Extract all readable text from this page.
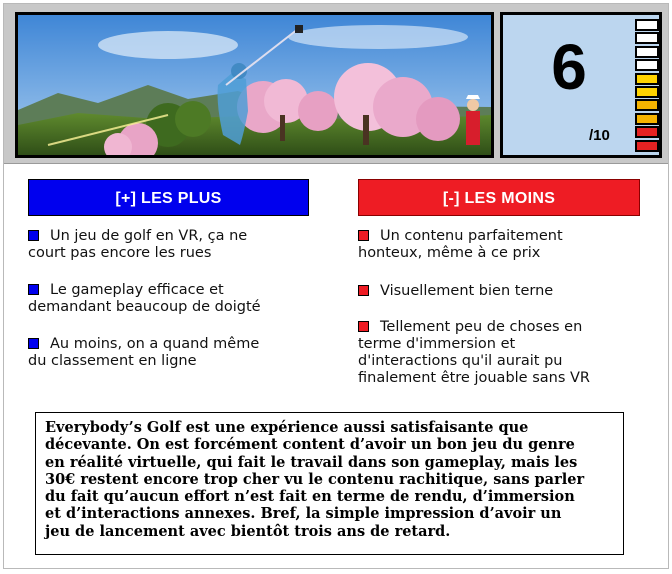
6
/10
[+] LES PLUS	[-] LES MOINS
Un jeu de golf en VR, ça ne
court pas encore les rues
Le gameplay efficace et
demandant beaucoup de doigté
Au moins, on a quand même
du classement en ligne
Un contenu parfaitement
honteux, même à ce prix
Visuellement bien terne
Tellement peu de choses en
terme d'immersion et
d'interactions qu'il aurait pu
finalement être jouable sans VR

Everybody’s Golf est une expérience aussi satisfaisante que
décevante. On est forcément content d’avoir un bon jeu du genre
en réalité virtuelle, qui fait le travail dans son gameplay, mais les
30€ restent encore trop cher vu le contenu rachitique, sans parler
du fait qu’aucun effort n’est fait en terme de rendu, d’immersion
et d’interactions annexes. Bref, la simple impression d’avoir un
jeu de lancement avec bientôt trois ans de retard.
